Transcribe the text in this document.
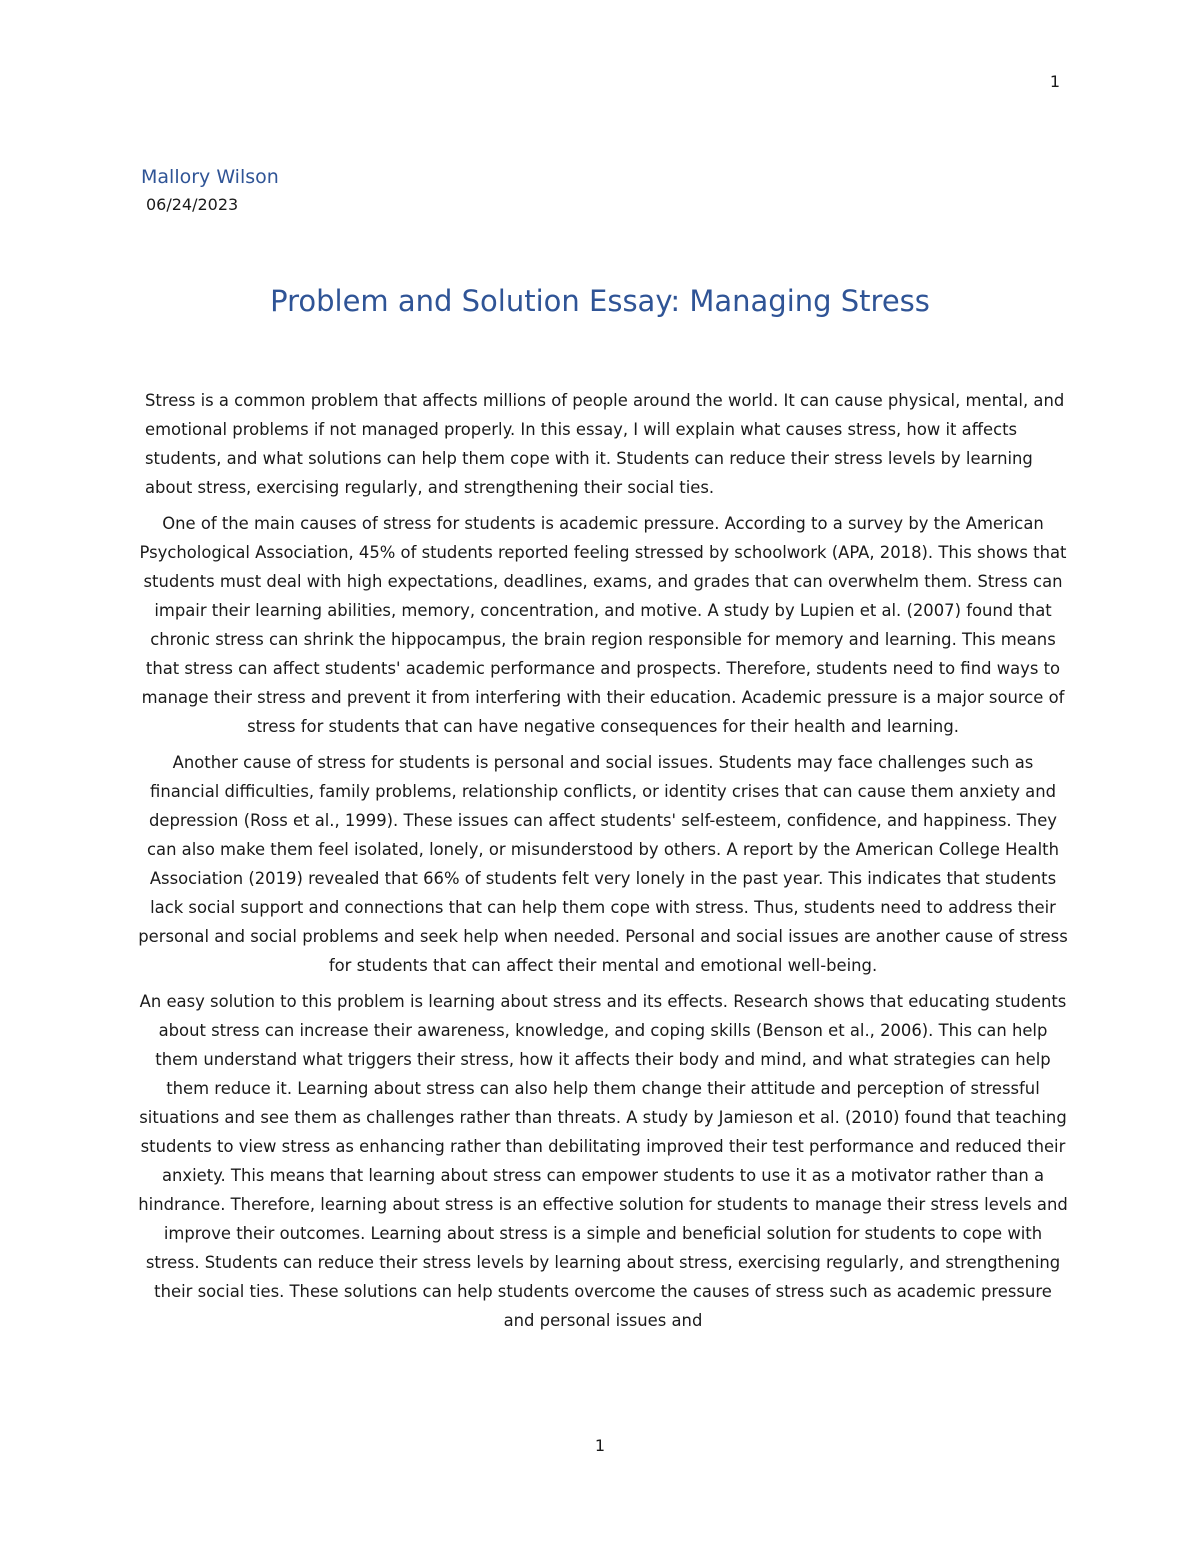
1
Mallory Wilson
06/24/2023
Problem and Solution Essay: Managing Stress

Stress is a common problem that affects millions of people around the world. It can cause physical, mental, and emotional problems if not managed properly. In this essay, I will explain what causes stress, how it affects students, and what solutions can help them cope with it. Students can reduce their stress levels by learning about stress, exercising regularly, and strengthening their social ties.

One of the main causes of stress for students is academic pressure. According to a survey by the American Psychological Association, 45% of students reported feeling stressed by schoolwork (APA, 2018). This shows that students must deal with high expectations, deadlines, exams, and grades that can overwhelm them. Stress can impair their learning abilities, memory, concentration, and motive. A study by Lupien et al. (2007) found that chronic stress can shrink the hippocampus, the brain region responsible for memory and learning. This means that stress can affect students' academic performance and prospects. Therefore, students need to find ways to manage their stress and prevent it from interfering with their education. Academic pressure is a major source of stress for students that can have negative consequences for their health and learning.

Another cause of stress for students is personal and social issues. Students may face challenges such as financial difficulties, family problems, relationship conflicts, or identity crises that can cause them anxiety and depression (Ross et al., 1999). These issues can affect students' self-esteem, confidence, and happiness. They can also make them feel isolated, lonely, or misunderstood by others. A report by the American College Health Association (2019) revealed that 66% of students felt very lonely in the past year. This indicates that students lack social support and connections that can help them cope with stress. Thus, students need to address their personal and social problems and seek help when needed. Personal and social issues are another cause of stress for students that can affect their mental and emotional well-being.

An easy solution to this problem is learning about stress and its effects. Research shows that educating students about stress can increase their awareness, knowledge, and coping skills (Benson et al., 2006). This can help them understand what triggers their stress, how it affects their body and mind, and what strategies can help them reduce it. Learning about stress can also help them change their attitude and perception of stressful situations and see them as challenges rather than threats. A study by Jamieson et al. (2010) found that teaching students to view stress as enhancing rather than debilitating improved their test performance and reduced their anxiety. This means that learning about stress can empower students to use it as a motivator rather than a hindrance. Therefore, learning about stress is an effective solution for students to manage their stress levels and improve their outcomes. Learning about stress is a simple and beneficial solution for students to cope with stress. Students can reduce their stress levels by learning about stress, exercising regularly, and strengthening their social ties. These solutions can help students overcome the causes of stress such as academic pressure and personal issues and

1
